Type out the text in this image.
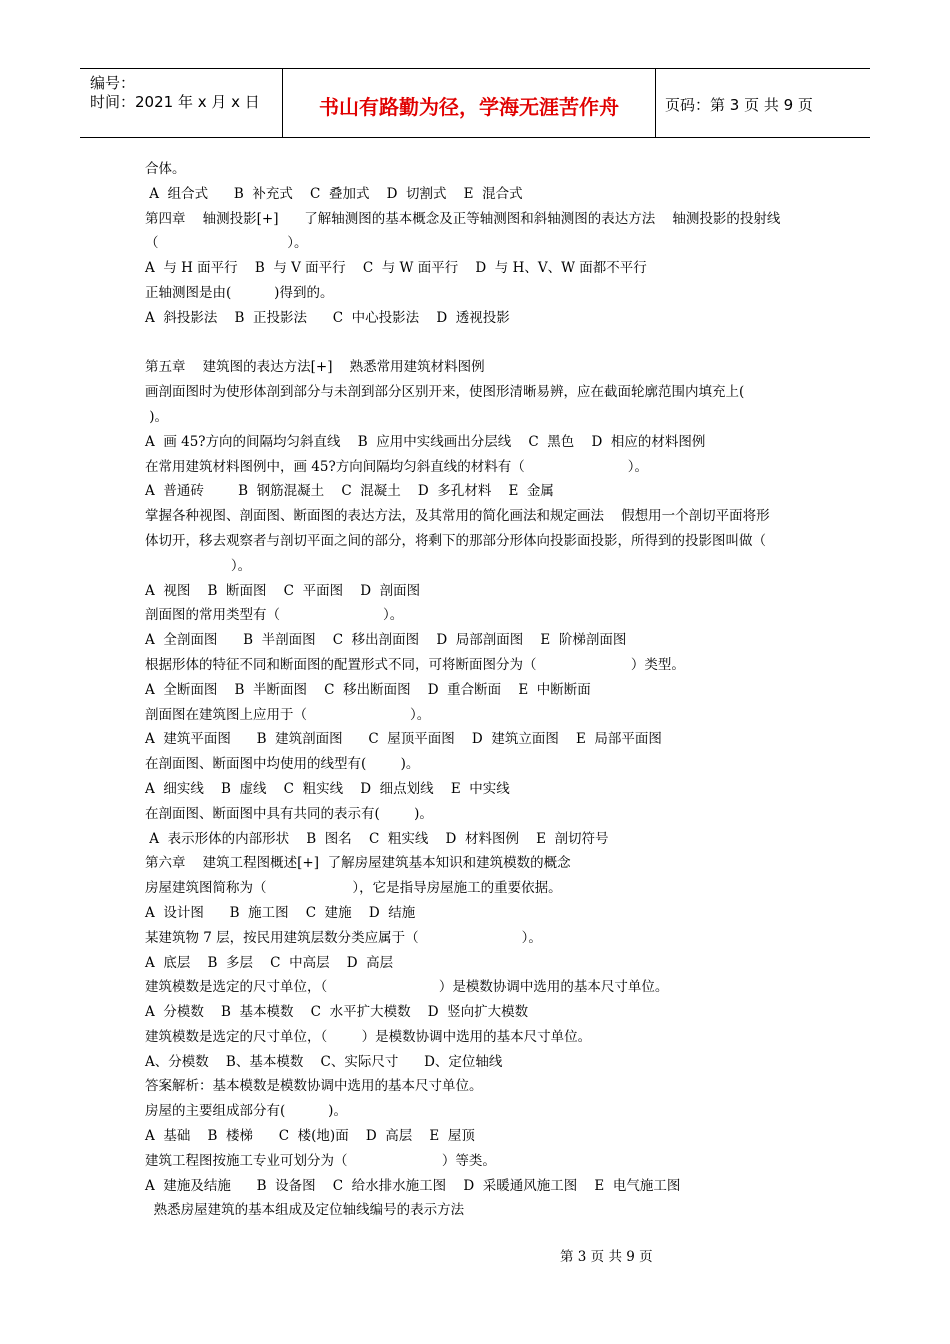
编号：
时间：2021 年 x 月 x 日	书山有路勤为径，学海无涯苦作舟	页码：第 3 页 共 9 页
合体。
A  组合式      B  补充式    C  叠加式    D  切割式    E  混合式
第四章    轴测投影[+]      了解轴测图的基本概念及正等轴测图和斜轴测图的表达方法    轴测投影的投射线
（                              ）。
A  与 H 面平行    B  与 V 面平行    C  与 W 面平行    D  与 H、V、W 面都不平行
正轴测图是由(          )得到的。
A  斜投影法    B  正投影法      C  中心投影法    D  透视投影
第五章    建筑图的表达方法[+]    熟悉常用建筑材料图例
画剖面图时为使形体剖到部分与未剖到部分区别开来，使图形清晰易辨，应在截面轮廓范围内填充上(
)。
A  画 45?方向的间隔均匀斜直线    B  应用中实线画出分层线    C  黑色    D  相应的材料图例
在常用建筑材料图例中，画 45?方向间隔均匀斜直线的材料有（                        ）。
A  普通砖        B  钢筋混凝土    C  混凝土    D  多孔材料    E  金属
掌握各种视图、剖面图、断面图的表达方法，及其常用的简化画法和规定画法    假想用一个剖切平面将形
体切开，移去观察者与剖切平面之间的部分，将剩下的那部分形体向投影面投影，所得到的投影图叫做（
）。
A  视图    B  断面图    C  平面图    D  剖面图
剖面图的常用类型有（                        ）。
A  全剖面图      B  半剖面图    C  移出剖面图    D  局部剖面图    E  阶梯剖面图
根据形体的特征不同和断面图的配置形式不同，可将断面图分为（                      ）类型。
A  全断面图    B  半断面图    C  移出断面图    D  重合断面    E  中断断面
剖面图在建筑图上应用于（                        ）。
A  建筑平面图      B  建筑剖面图      C  屋顶平面图    D  建筑立面图    E  局部平面图
在剖面图、断面图中均使用的线型有(        )。
A  细实线    B  虚线    C  粗实线    D  细点划线    E  中实线
在剖面图、断面图中具有共同的表示有(        )。
A  表示形体的内部形状    B  图名    C  粗实线    D  材料图例    E  剖切符号
第六章    建筑工程图概述[+]  了解房屋建筑基本知识和建筑模数的概念
房屋建筑图简称为（                    ），它是指导房屋施工的重要依据。
A  设计图      B  施工图    C  建施    D  结施
某建筑物 7 层，按民用建筑层数分类应属于（                        ）。
A  底层    B  多层    C  中高层    D  高层
建筑模数是选定的尺寸单位，（                          ）是模数协调中选用的基本尺寸单位。
A  分模数    B  基本模数    C  水平扩大模数    D  竖向扩大模数
建筑模数是选定的尺寸单位，（        ）是模数协调中选用的基本尺寸单位。
A、分模数    B、基本模数    C、实际尺寸      D、定位轴线
答案解析：基本模数是模数协调中选用的基本尺寸单位。
房屋的主要组成部分有(          )。
A  基础    B  楼梯      C  楼(地)面    D  高层    E  屋顶
建筑工程图按施工专业可划分为（                      ）等类。
A  建施及结施      B  设备图    C  给水排水施工图    D  采暖通风施工图    E  电气施工图
熟悉房屋建筑的基本组成及定位轴线编号的表示方法
第 3 页 共 9 页
